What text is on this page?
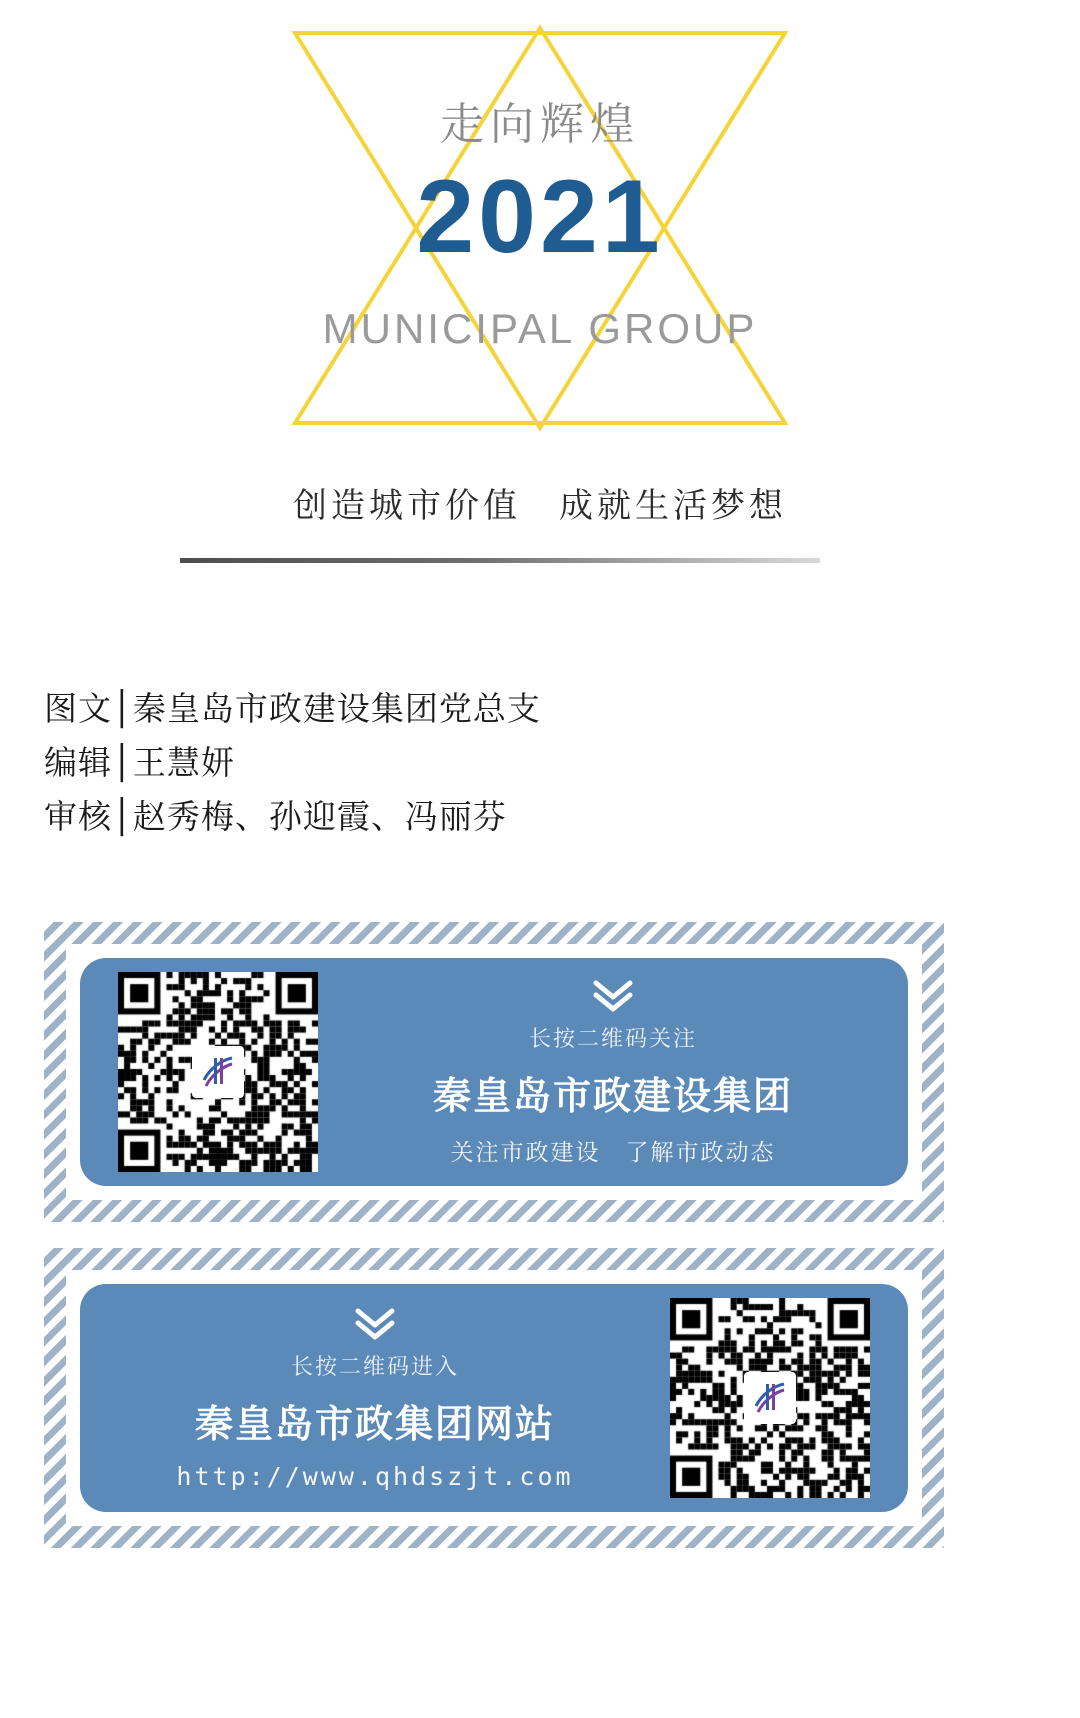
走向辉煌
2021
MUNICIPAL GROUP
创造城市价值　成就生活梦想
图文│秦皇岛市政建设集团党总支
编辑│王慧妍
审核│赵秀梅、孙迎霞、冯丽芬
长按二维码关注
秦皇岛市政建设集团
关注市政建设　了解市政动态
长按二维码进入
秦皇岛市政集团网站
http://www.qhdszjt.com
